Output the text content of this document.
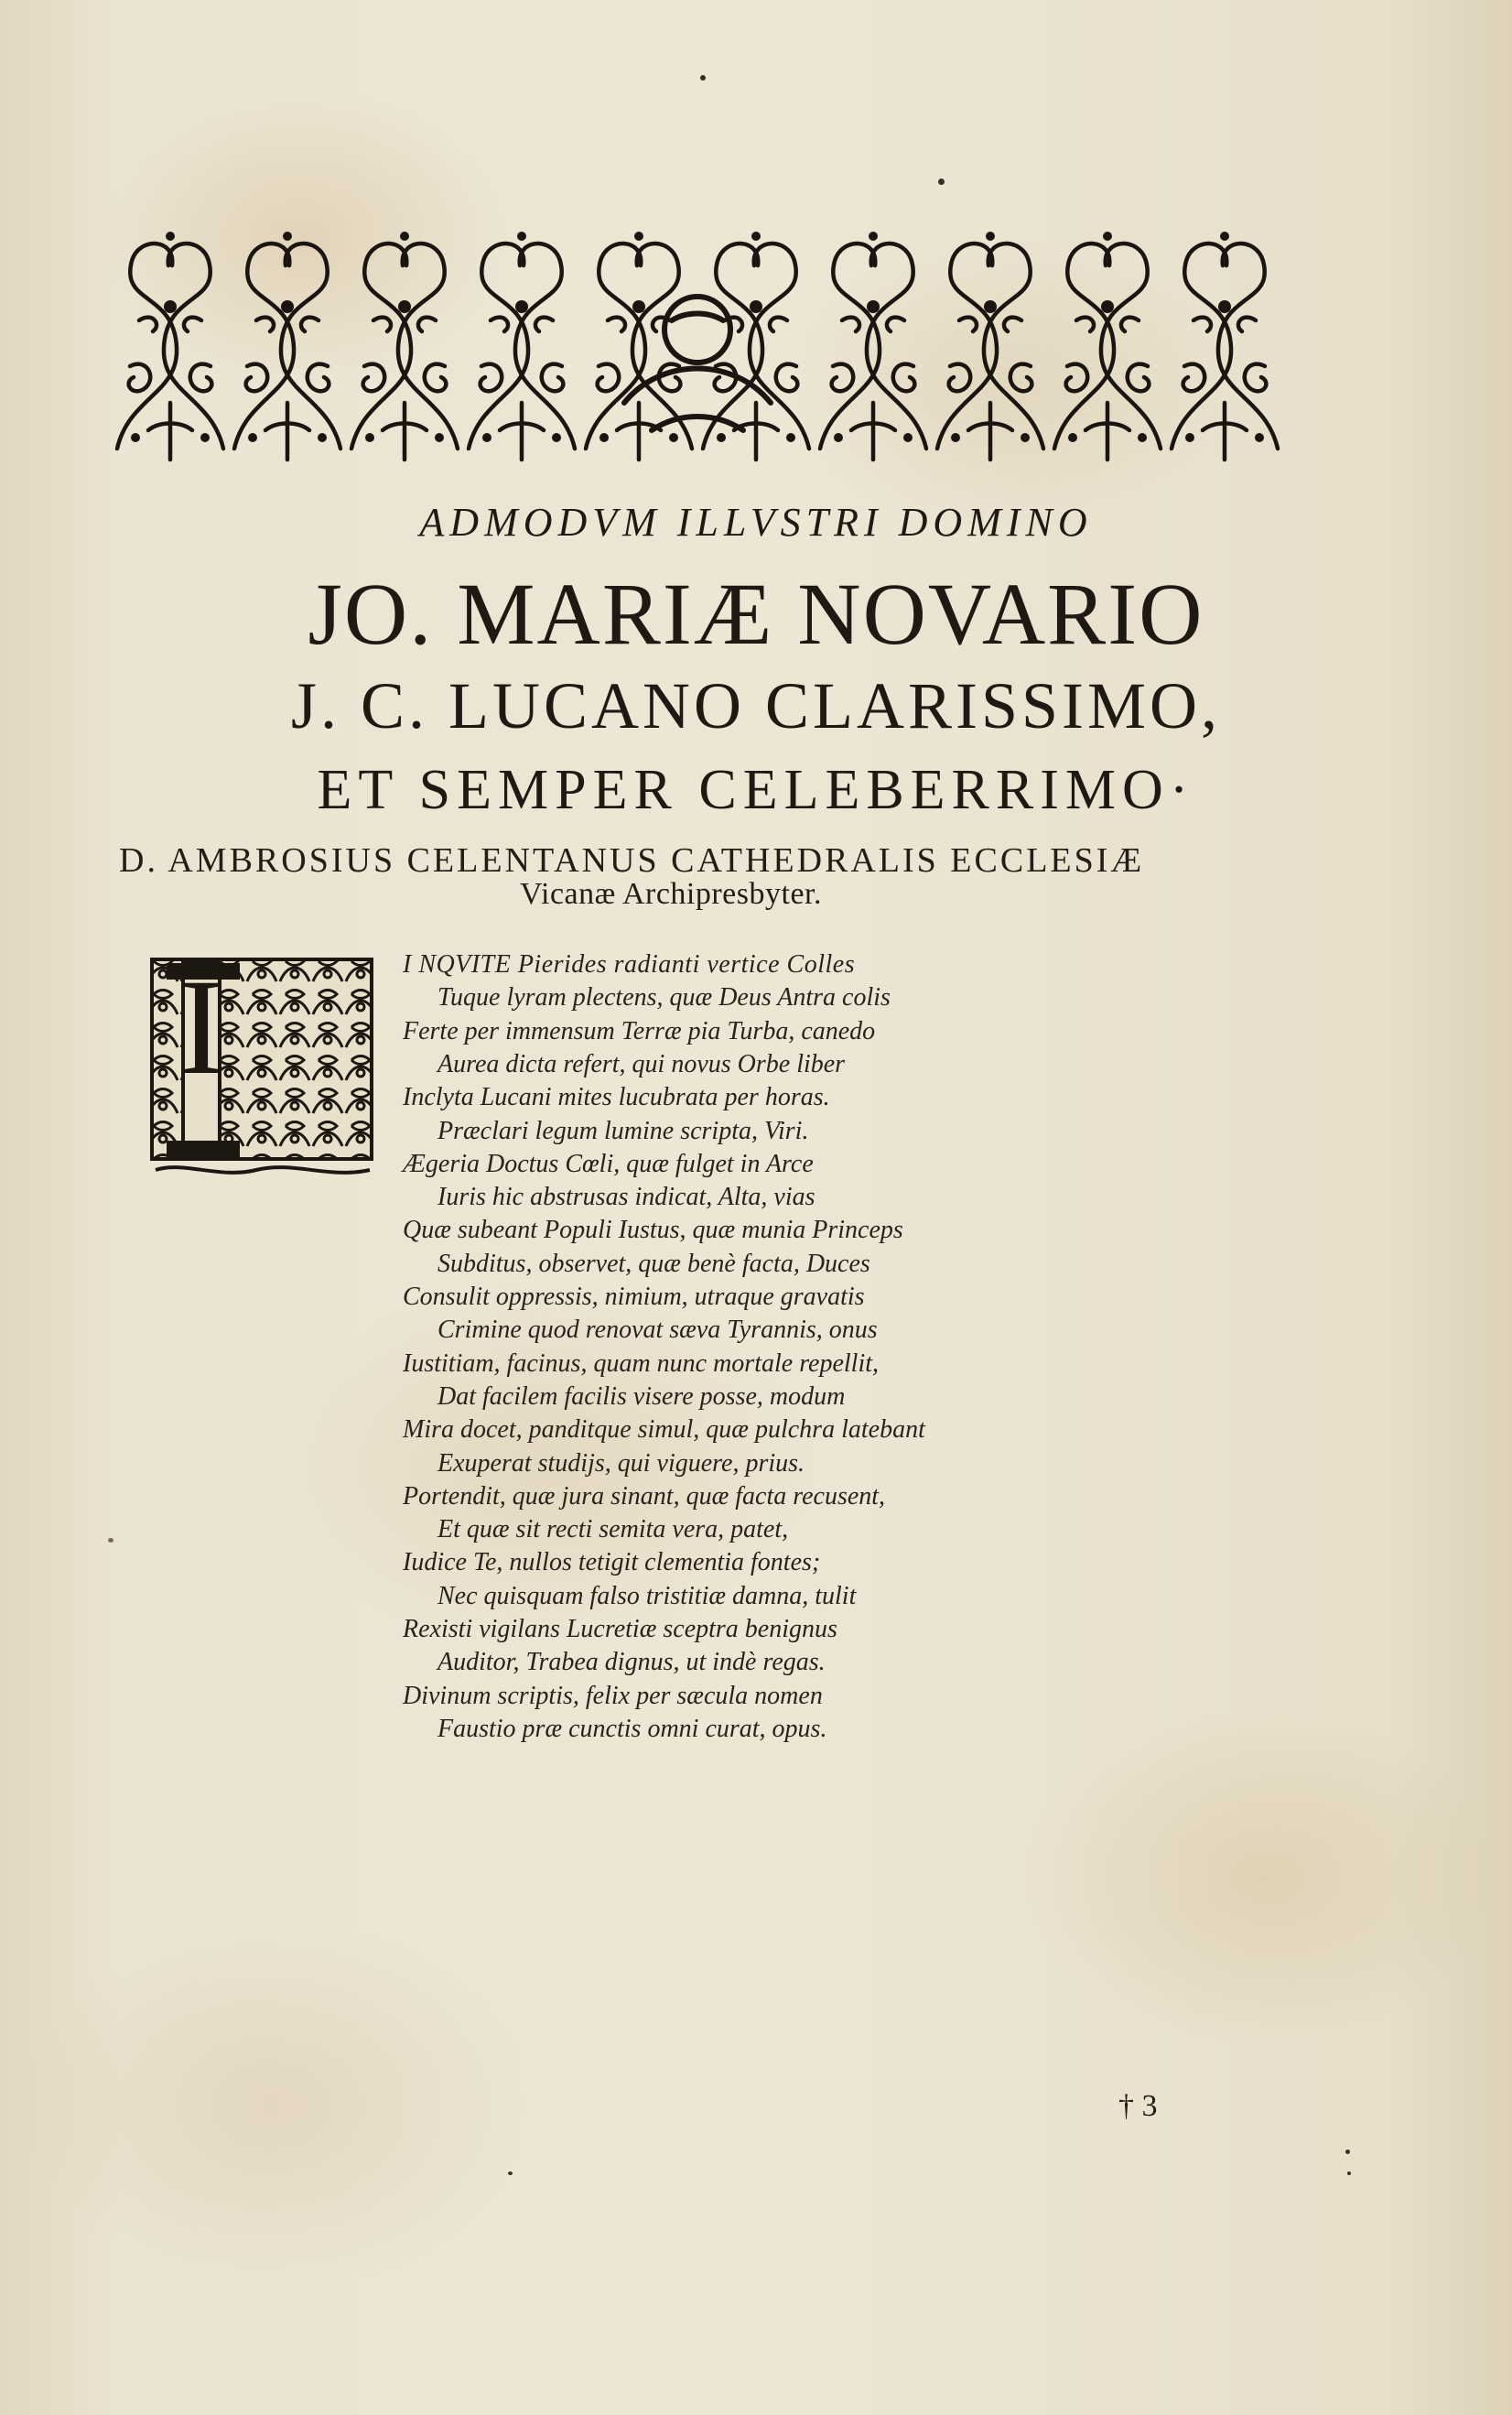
ADMODVM ILLVSTRI DOMINO

JO. MARIÆ NOVARIO
J. C. LUCANO CLARISSIMO,
ET SEMPER CELEBERRIMO·

D. AMBROSIUS CELENTANUS CATHEDRALIS ECCLESIÆ

Vicanæ Archipresbyter.

I	I NQVITE Pierides radianti vertice Colles

Tuque lyram plectens, quæ Deus Antra colis

Ferte per immensum Terræ pia Turba, canedo

Aurea dicta refert, qui novus Orbe liber

Inclyta Lucani mites lucubrata per horas.

Præclari legum lumine scripta, Viri.

Ægeria Doctus Cœli, quæ fulget in Arce

Iuris hic abstrusas indicat, Alta, vias

Quæ subeant Populi Iustus, quæ munia Princeps

Subditus, observet, quæ benè facta, Duces

Consulit oppressis, nimium, utraque gravatis

Crimine quod renovat sæva Tyrannis, onus

Iustitiam, facinus, quam nunc mortale repellit,

Dat facilem facilis visere posse, modum

Mira docet, panditque simul, quæ pulchra latebant

Exuperat studijs, qui viguere, prius.

Portendit, quæ jura sinant, quæ facta recusent,

Et quæ sit recti semita vera, patet,

Iudice Te, nullos tetigit clementia fontes;

Nec quisquam falso tristitiæ damna, tulit

Rexisti vigilans Lucretiæ sceptra benignus

Auditor, Trabea dignus, ut indè regas.

Divinum scriptis, felix per sæcula nomen

Faustio præ cunctis omni curat, opus.

† 3
